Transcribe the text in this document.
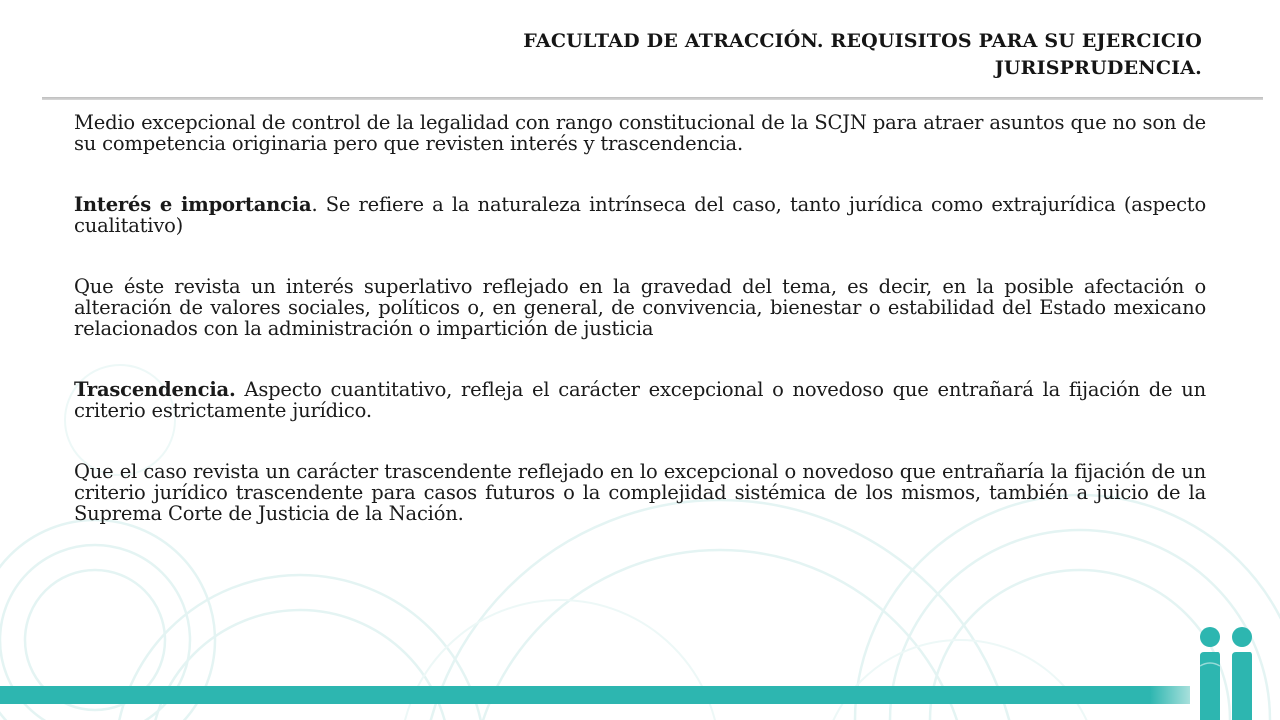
FACULTAD DE ATRACCIÓN. REQUISITOS PARA SU EJERCICIO
JURISPRUDENCIA.

Medio excepcional de control de la legalidad con rango constitucional de la SCJN para atraer asuntos que no son de su competencia originaria pero que revisten interés y trascendencia.

Interés e importancia. Se refiere a la naturaleza intrínseca del caso, tanto jurídica como extrajurídica (aspecto cualitativo)

Que éste revista un interés superlativo reflejado en la gravedad del tema, es decir, en la posible afectación o alteración de valores sociales, políticos o, en general, de convivencia, bienestar o estabilidad del Estado mexicano relacionados con la administración o impartición de justicia

Trascendencia. Aspecto cuantitativo, refleja el carácter excepcional o novedoso que entrañará la fijación de un criterio estrictamente jurídico.

Que el caso revista un carácter trascendente reflejado en lo excepcional o novedoso que entrañaría la fijación de un criterio jurídico trascendente para casos futuros o la complejidad sistémica de los mismos, también a juicio de la Suprema Corte de Justicia de la Nación.
